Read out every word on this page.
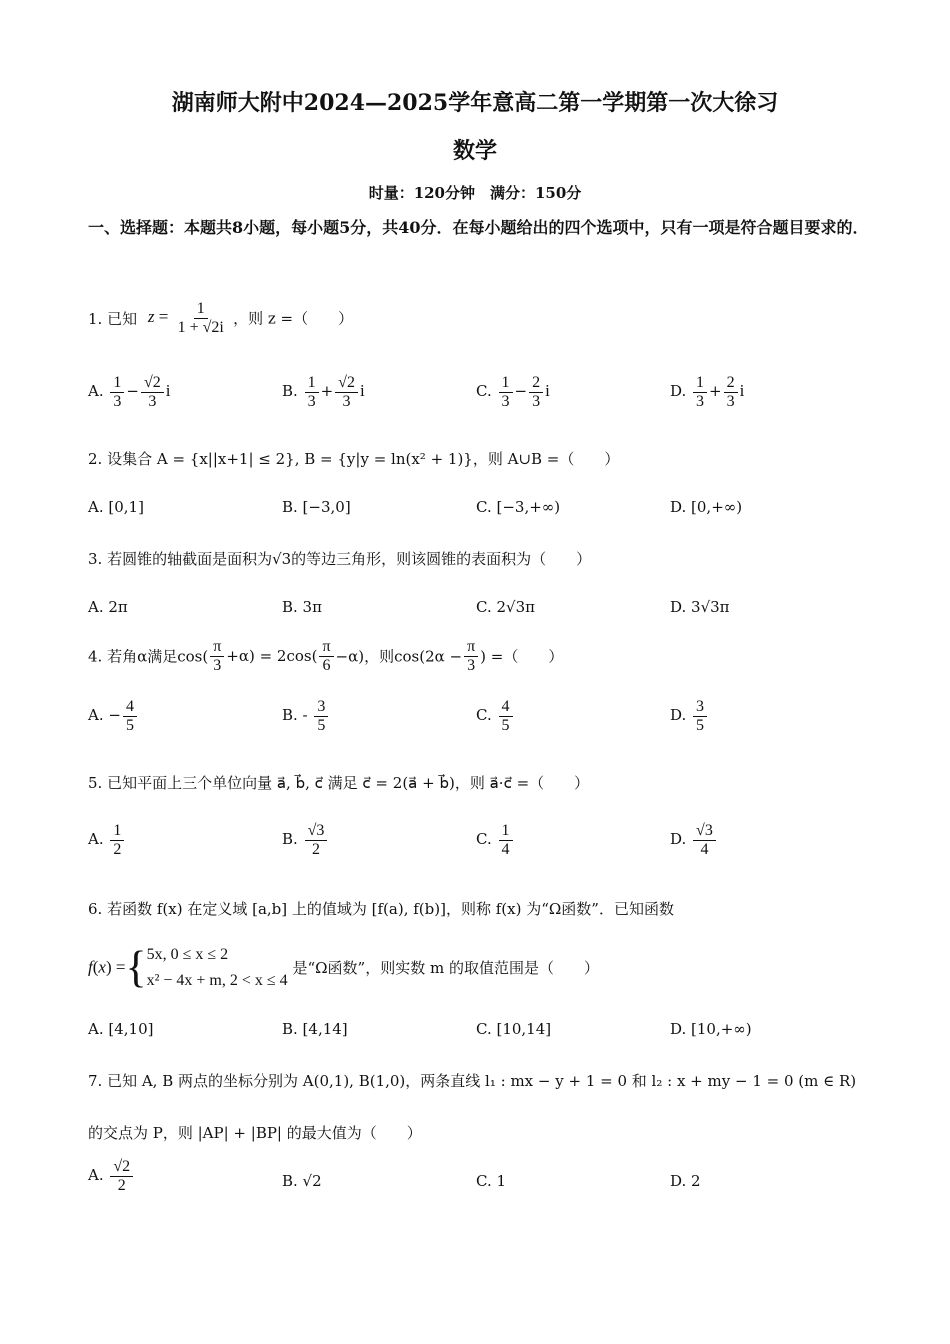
湖南师大附中2024—2025学年意高二第一学期第一次大徐习
数学
时量：120分钟　满分：150分
一、选择题：本题共8小题，每小题5分，共40分．在每小题给出的四个选项中，只有一项是符合题目要求的．
1. 已知 $z = \frac{1}{1 + √2i}$ ，则 z =（　　）
A. $\frac{1}{3} - \frac{√2}{3}$ i	B. $\frac{1}{3} + \frac{√2}{3}$ i	C. $\frac{1}{3} - \frac{2}{3}$ i	D. $\frac{1}{3} + \frac{2}{3}$ i
2. 设集合 A = {x||x+1| ≤ 2}, B = {y|y = ln(x² + 1)}，则 A∪B =（　　）
A. [0,1]	B. [−3,0]	C. [−3,+∞)	D. [0,+∞)
3. 若圆锥的轴截面是面积为√3的等边三角形，则该圆锥的表面积为（　　）
A. 2π	B. 3π	C. 2√3π	D. 3√3π
4. 若角α满足$\cos( \frac{\pi}{3} +\alpha) = 2\cos( \frac{\pi}{6} -\alpha)$，则$\cos(2\alpha - \frac{\pi}{3}$ ) =（　　）
A. − $\frac{4}{5}$	B. - $\frac{3}{5}$	C. $\frac{4}{5}$	D. $\frac{3}{5}$
5. 已知平面上三个单位向量 a⃗, b⃗, c⃗ 满足 c⃗ = 2(a⃗ + b⃗)，则 a⃗·c⃗ =（　　）
A. $\frac{1}{2}$	B. $\frac{√3}{2}$	C. $\frac{1}{4}$	D. $\frac{√3}{4}$
6. 若函数 f(x) 在定义域 [a,b] 上的值域为 [f(a), f(b)]，则称 f(x) 为“Ω函数”．已知函数
f(x) ={ 5x, 0 ≤ x ≤ 2
x² − 4x + m, 2 < x ≤ 4
是“Ω函数”，则实数 m 的取值范围是（　　）
A. [4,10]	B. [4,14]	C. [10,14]	D. [10,+∞)
7. 已知 A, B 两点的坐标分别为 A(0,1), B(1,0)，两条直线 l₁ : mx − y + 1 = 0 和 l₂ : x + my − 1 = 0 (m ∈ R)
的交点为 P，则 |AP| + |BP| 的最大值为（　　）
A. $\frac{√2}{2}$	B. √2	C. 1	D. 2
